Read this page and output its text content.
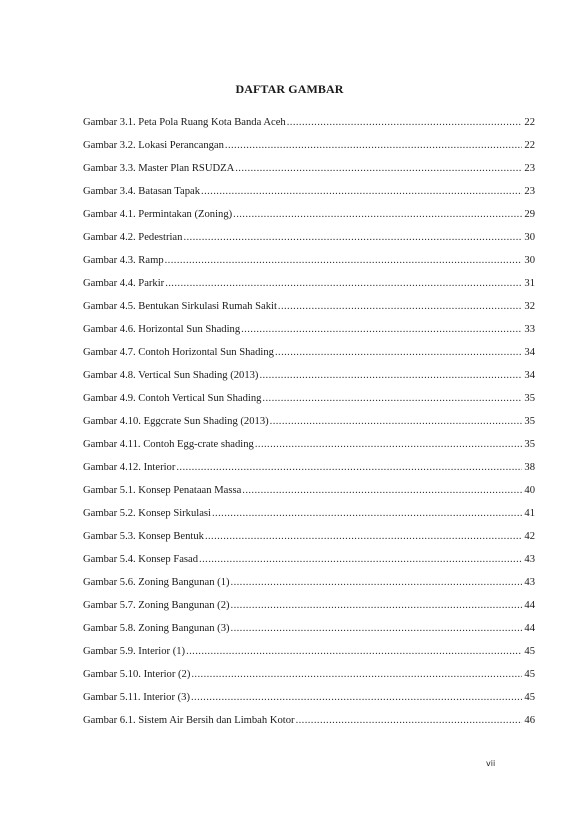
DAFTAR GAMBAR
Gambar 3.1. Peta Pola Ruang Kota Banda Aceh .....	22
Gambar 3.2. Lokasi Perancangan .....	22
Gambar 3.3. Master Plan RSUDZA .....	23
Gambar 3.4. Batasan Tapak .....	23
Gambar 4.1. Permintakan (Zoning) .....	29
Gambar 4.2. Pedestrian .....	30
Gambar 4.3. Ramp .....	30
Gambar 4.4. Parkir .....	31
Gambar 4.5. Bentukan Sirkulasi Rumah Sakit .....	32
Gambar 4.6. Horizontal Sun Shading .....	33
Gambar 4.7. Contoh Horizontal Sun Shading .....	34
Gambar 4.8. Vertical Sun Shading (2013) .....	34
Gambar 4.9. Contoh Vertical Sun Shading .....	35
Gambar 4.10. Eggcrate Sun Shading (2013) .....	35
Gambar 4.11. Contoh Egg-crate shading .....	35
Gambar 4.12. Interior .....	38
Gambar 5.1. Konsep Penataan Massa .....	40
Gambar 5.2. Konsep Sirkulasi .....	41
Gambar 5.3. Konsep Bentuk .....	42
Gambar 5.4. Konsep Fasad .....	43
Gambar 5.6. Zoning Bangunan (1) .....	43
Gambar 5.7. Zoning Bangunan (2) .....	44
Gambar 5.8. Zoning Bangunan (3) .....	44
Gambar 5.9. Interior (1) .....	45
Gambar 5.10. Interior (2) .....	45
Gambar 5.11. Interior (3) .....	45
Gambar 6.1. Sistem Air Bersih dan Limbah Kotor .....	46
vii
